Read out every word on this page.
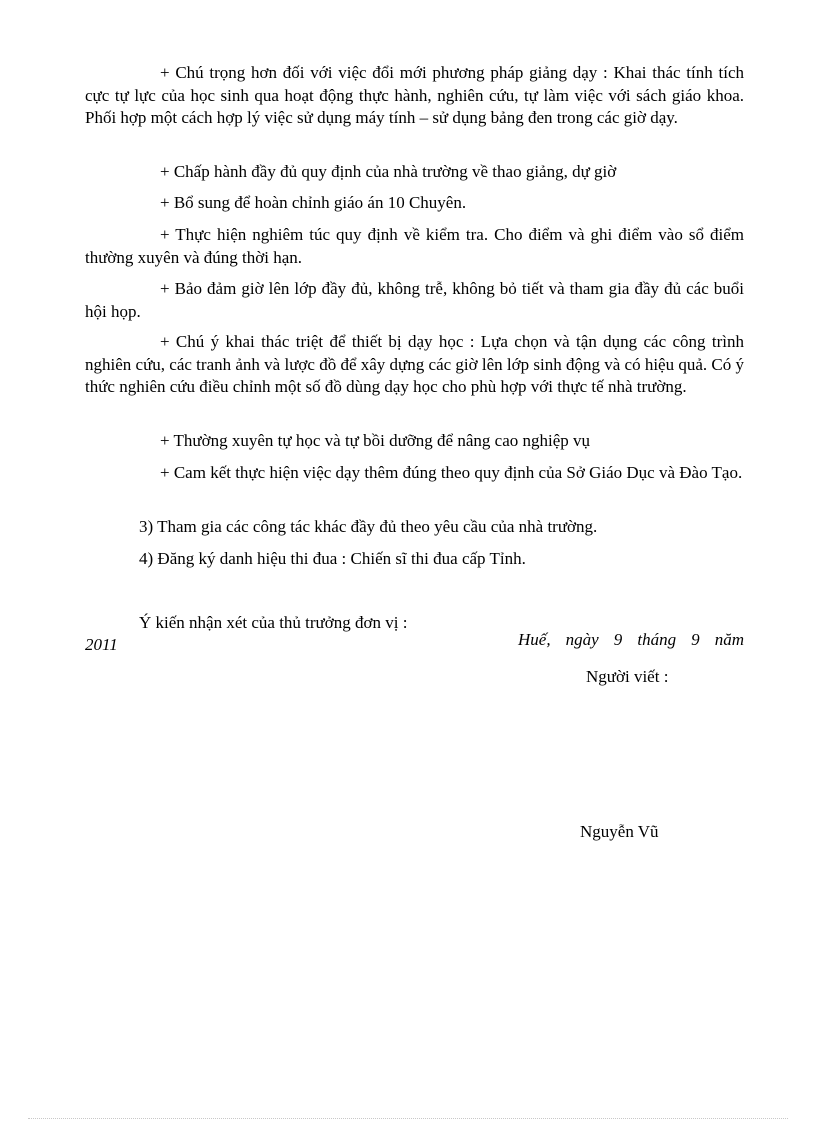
+ Chú trọng hơn đối với việc đổi mới phương pháp giảng dạy : Khai thác tính tích cực tự lực của học sinh qua hoạt động thực hành, nghiên cứu, tự làm việc với sách giáo khoa. Phối hợp một cách hợp lý việc sử dụng máy tính – sử dụng bảng đen trong các giờ dạy.

+ Chấp hành đầy đủ quy định của nhà trường về thao giảng, dự giờ

+ Bổ sung để hoàn chỉnh giáo án 10 Chuyên.

+ Thực hiện nghiêm túc quy định về kiểm tra. Cho điểm và ghi điểm vào sổ điểm thường xuyên và đúng thời hạn.

+ Bảo đảm giờ lên lớp đầy đủ, không trễ, không bỏ tiết và tham gia đầy đủ các buổi hội họp.

+ Chú ý khai thác triệt để thiết bị dạy học : Lựa chọn và tận dụng các công trình nghiên cứu, các tranh ảnh và lược đồ để xây dựng các giờ lên lớp sinh động và có hiệu quả. Có ý thức nghiên cứu điều chỉnh một số đồ dùng dạy học cho phù hợp với thực tế nhà trường.

+ Thường xuyên tự học và tự bồi dưỡng để nâng cao nghiệp vụ

+ Cam kết thực hiện việc dạy thêm đúng theo quy định của Sở Giáo Dục và Đào Tạo.

3) Tham gia các công tác khác đầy đủ theo yêu cầu của nhà trường.

4) Đăng ký danh hiệu thi đua : Chiến sĩ thi đua cấp Tỉnh.

Ý kiến nhận xét của thủ trưởng đơn vị :

Huế, ngày 9 tháng 9 năm

2011

Người viết :

Nguyễn Vũ
